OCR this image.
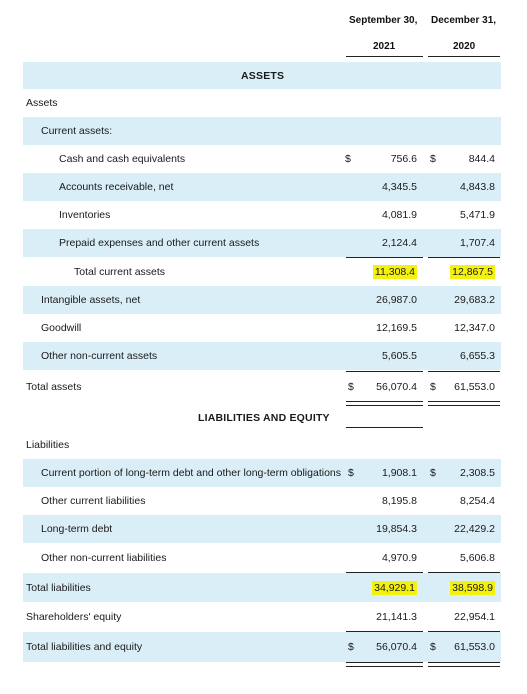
September 30, December 31,
2021	2020
ASSETS
Assets
Current assets:
Cash and cash equivalents	$	756.6 $	844.4
Accounts receivable, net	4,345.5	4,843.8
Inventories	4,081.9	5,471.9
Prepaid expenses and other current assets	2,124.4	1,707.4
Total current assets	11,308.4	12,867.5
Intangible assets, net	26,987.0	29,683.2
Goodwill	12,169.5	12,347.0
Other non-current assets	5,605.5	6,655.3
Total assets	$ 56,070.4 $ 61,553.0
LIABILITIES AND EQUITY
Liabilities
Current portion of long-term debt and other long-term obligations $	1,908.1 $ 2,308.5
Other current liabilities	8,195.8	8,254.4
Long-term debt	19,854.3	22,429.2
Other non-current liabilities	4,970.9	5,606.8
Total liabilities	34,929.1	38,598.9
Shareholders' equity	21,141.3	22,954.1
Total liabilities and equity	$ 56,070.4 $ 61,553.0
